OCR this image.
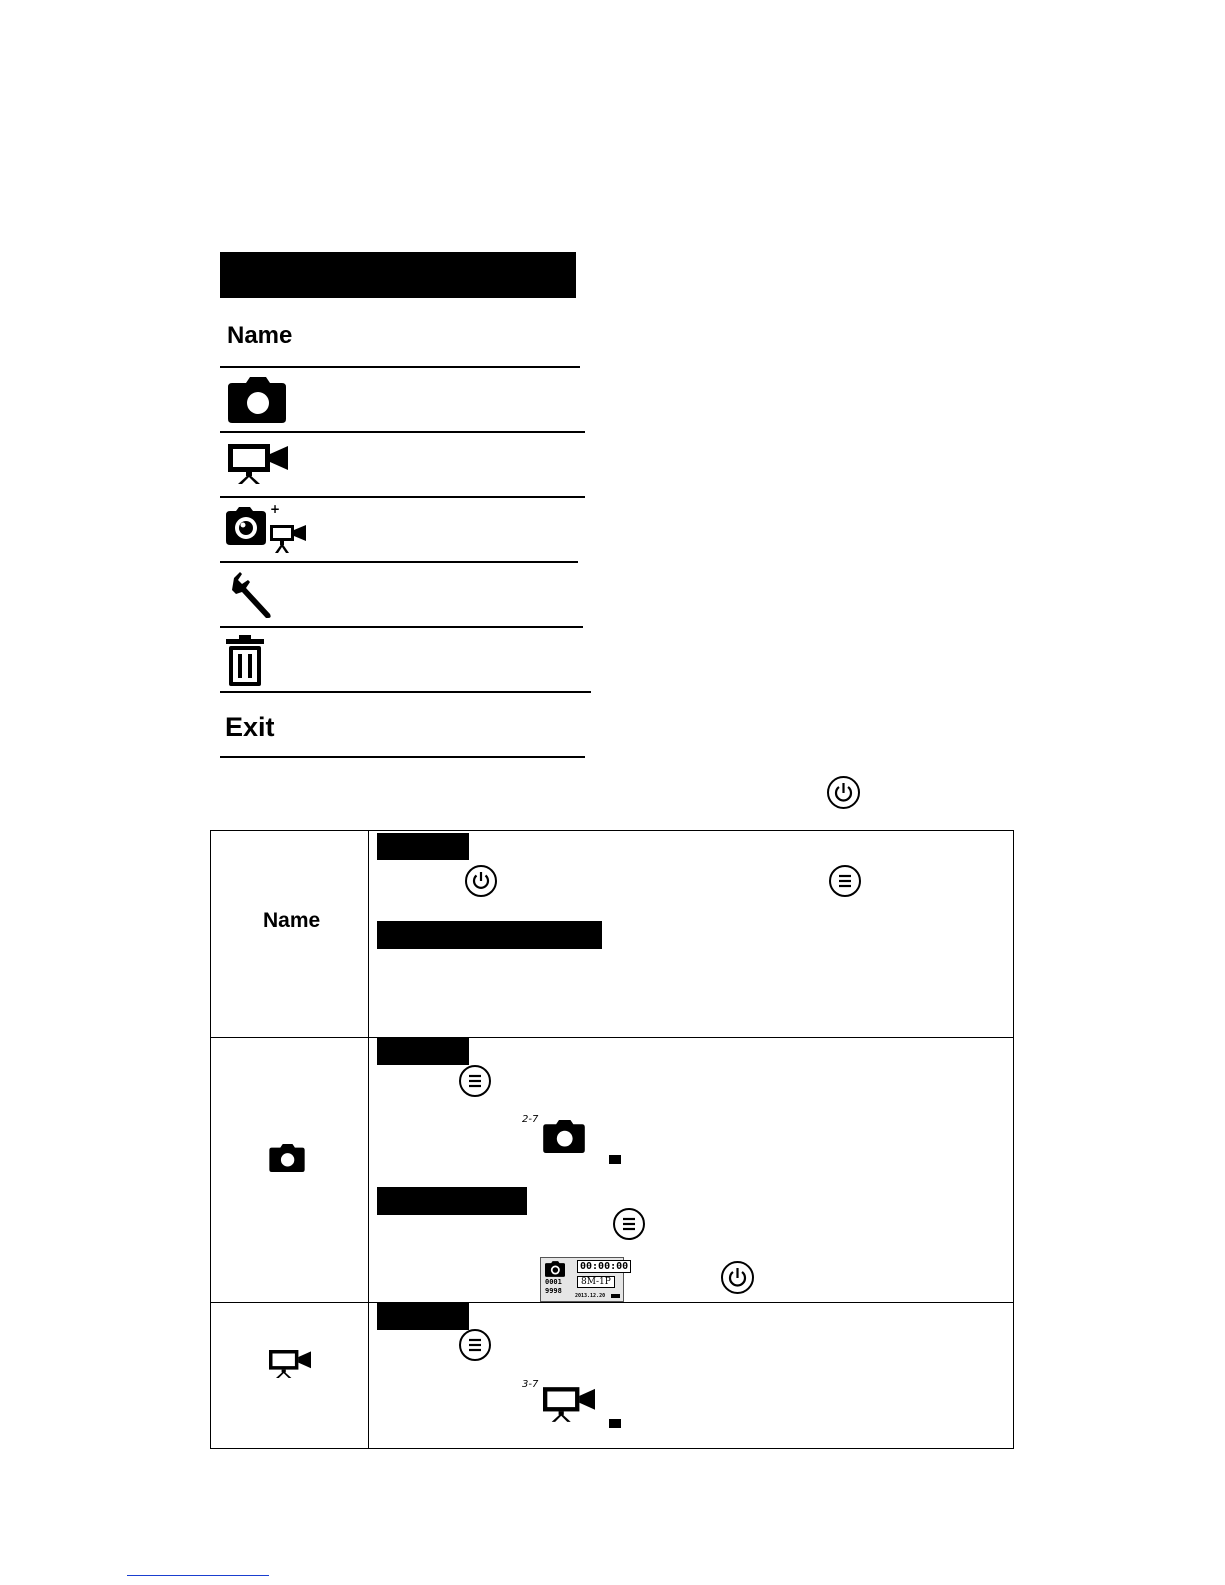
Name
+
Exit
Name
2-7
00:00:00
8M-1P
0001
9998
2013.12.20
3-7
